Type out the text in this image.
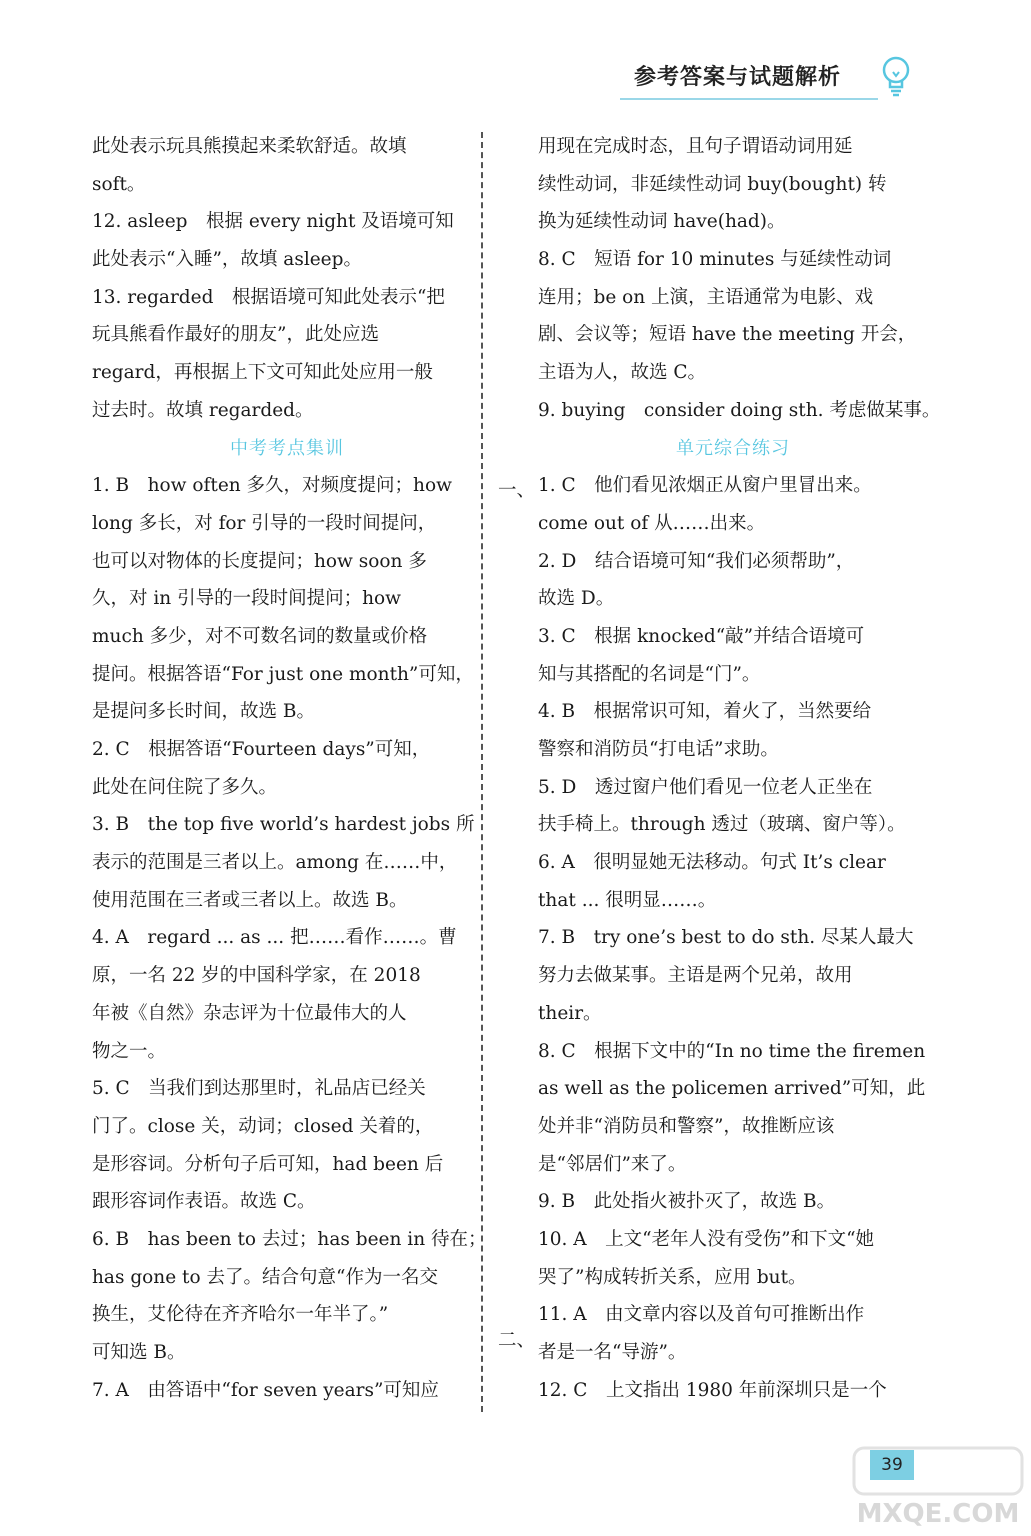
参考答案与试题解析
此处表示玩具熊摸起来柔软舒适。故填
soft。
12. asleep　根据 every night 及语境可知
此处表示“入睡”，故填 asleep。
13. regarded　根据语境可知此处表示“把
玩具熊看作最好的朋友”，此处应选
regard，再根据上下文可知此处应用一般
过去时。故填 regarded。
中考考点集训
1. B　how often 多久，对频度提问；how
long 多长，对 for 引导的一段时间提问，
也可以对物体的长度提问；how soon 多
久，对 in 引导的一段时间提问；how
much 多少，对不可数名词的数量或价格
提问。根据答语“For just one month”可知，
是提问多长时间，故选 B。
2. C　根据答语“Fourteen days”可知，
此处在问住院了多久。
3. B　the top five world’s hardest jobs 所
表示的范围是三者以上。among 在……中，
使用范围在三者或三者以上。故选 B。
4. A　regard ... as ... 把……看作……。曹
原，一名 22 岁的中国科学家，在 2018
年被《自然》杂志评为十位最伟大的人
物之一。
5. C　当我们到达那里时，礼品店已经关
门了。close 关，动词；closed 关着的，
是形容词。分析句子后可知，had been 后
跟形容词作表语。故选 C。
6. B　has been to 去过；has been in 待在；
has gone to 去了。结合句意“作为一名交
换生，艾伦待在齐齐哈尔一年半了。”
可知选 B。
7. A　由答语中“for seven years”可知应
用现在完成时态，且句子谓语动词用延
续性动词，非延续性动词 buy(bought) 转
换为延续性动词 have(had)。
8. C　短语 for 10 minutes 与延续性动词
连用；be on 上演，主语通常为电影、戏
剧、会议等；短语 have the meeting 开会，
主语为人，故选 C。
9. buying　consider doing sth. 考虑做某事。
单元综合练习
1. C　他们看见浓烟正从窗户里冒出来。
come out of 从……出来。
2. D　结合语境可知“我们必须帮助”，
故选 D。
3. C　根据 knocked“敲”并结合语境可
知与其搭配的名词是“门”。
4. B　根据常识可知，着火了，当然要给
警察和消防员“打电话”求助。
5. D　透过窗户他们看见一位老人正坐在
扶手椅上。through 透过（玻璃、窗户等）。
6. A　很明显她无法移动。句式 It’s clear
that ... 很明显……。
7. B　try one’s best to do sth. 尽某人最大
努力去做某事。主语是两个兄弟，故用
their。
8. C　根据下文中的“In no time the firemen
as well as the policemen arrived”可知，此
处并非“消防员和警察”，故推断应该
是“邻居们”来了。
9. B　此处指火被扑灭了，故选 B。
10. A　上文“老年人没有受伤”和下文“她
哭了”构成转折关系，应用 but。
11. A　由文章内容以及首句可推断出作
者是一名“导游”。
12. C　上文指出 1980 年前深圳只是一个
一、
二、
MXQE.COM
39
